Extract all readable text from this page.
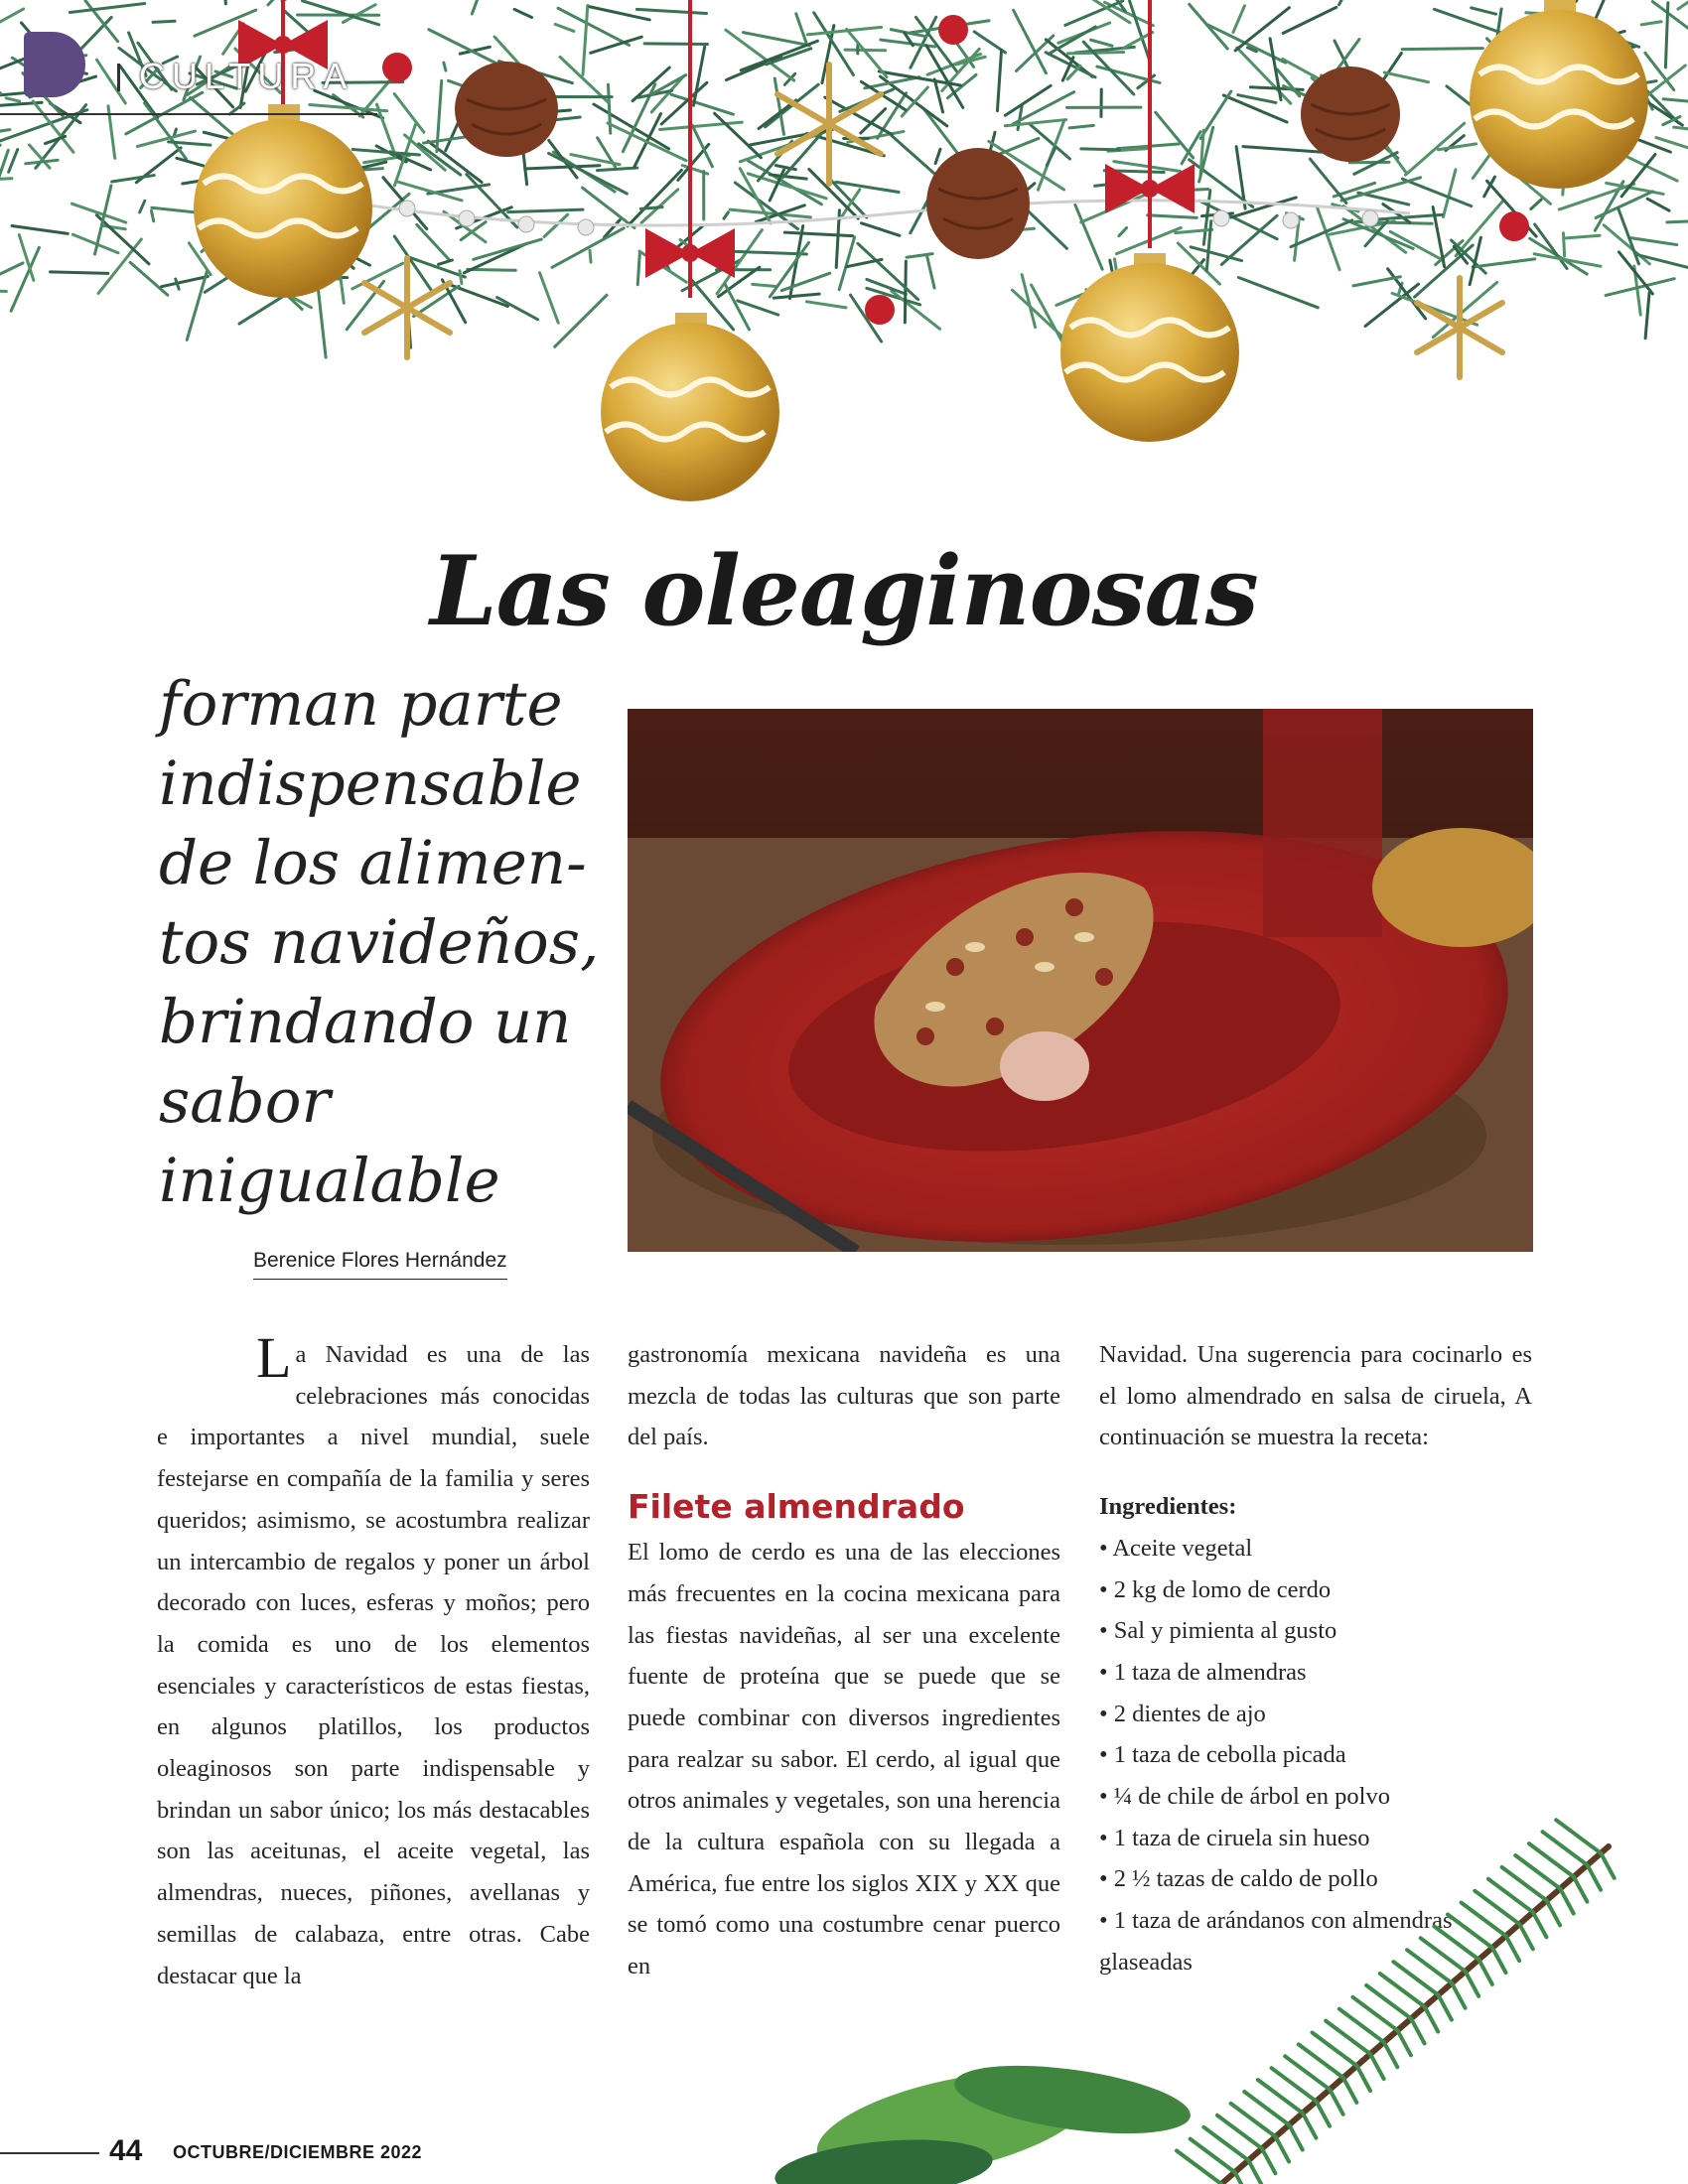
CULTURA
Las oleaginosas
forman parte indispensable de los alimen-tos navideños, brindando un sabor inigualable
Berenice Flores Hernández
L a Navidad es una de las celebraciones más conocidas e importantes a nivel mundial, suele festejarse en compañía de la familia y seres queridos; asimismo, se acostumbra realizar un intercambio de regalos y poner un árbol decorado con luces, esferas y moños; pero la comida es uno de los elementos esenciales y característicos de estas fiestas, en algunos platillos, los productos oleaginosos son parte indispensable y brindan un sabor único; los más destacables son las aceitunas, el aceite vegetal, las almendras, nueces, piñones, avellanas y semillas de calabaza, entre otras. Cabe destacar que la

gastronomía mexicana navideña es una mezcla de todas las culturas que son parte del país.

Filete almendrado

El lomo de cerdo es una de las elecciones más frecuentes en la cocina mexicana para las fiestas navideñas, al ser una excelente fuente de proteína que se puede que se puede combinar con diversos ingredientes para realzar su sabor. El cerdo, al igual que otros animales y vegetales, son una herencia de la cultura española con su llegada a América, fue entre los siglos XIX y XX que se tomó como una costumbre cenar puerco en

Navidad. Una sugerencia para cocinarlo es el lomo almendrado en salsa de ciruela, A continuación se muestra la receta:

Ingredientes:

• Aceite vegetal
• 2 kg de lomo de cerdo
• Sal y pimienta al gusto
• 1 taza de almendras
• 2 dientes de ajo
• 1 taza de cebolla picada
• ¼ de chile de árbol en polvo
• 1 taza de ciruela sin hueso
• 2 ½ tazas de caldo de pollo
• 1 taza de arándanos con almendras glaseadas
44 OCTUBRE/DICIEMBRE 2022
